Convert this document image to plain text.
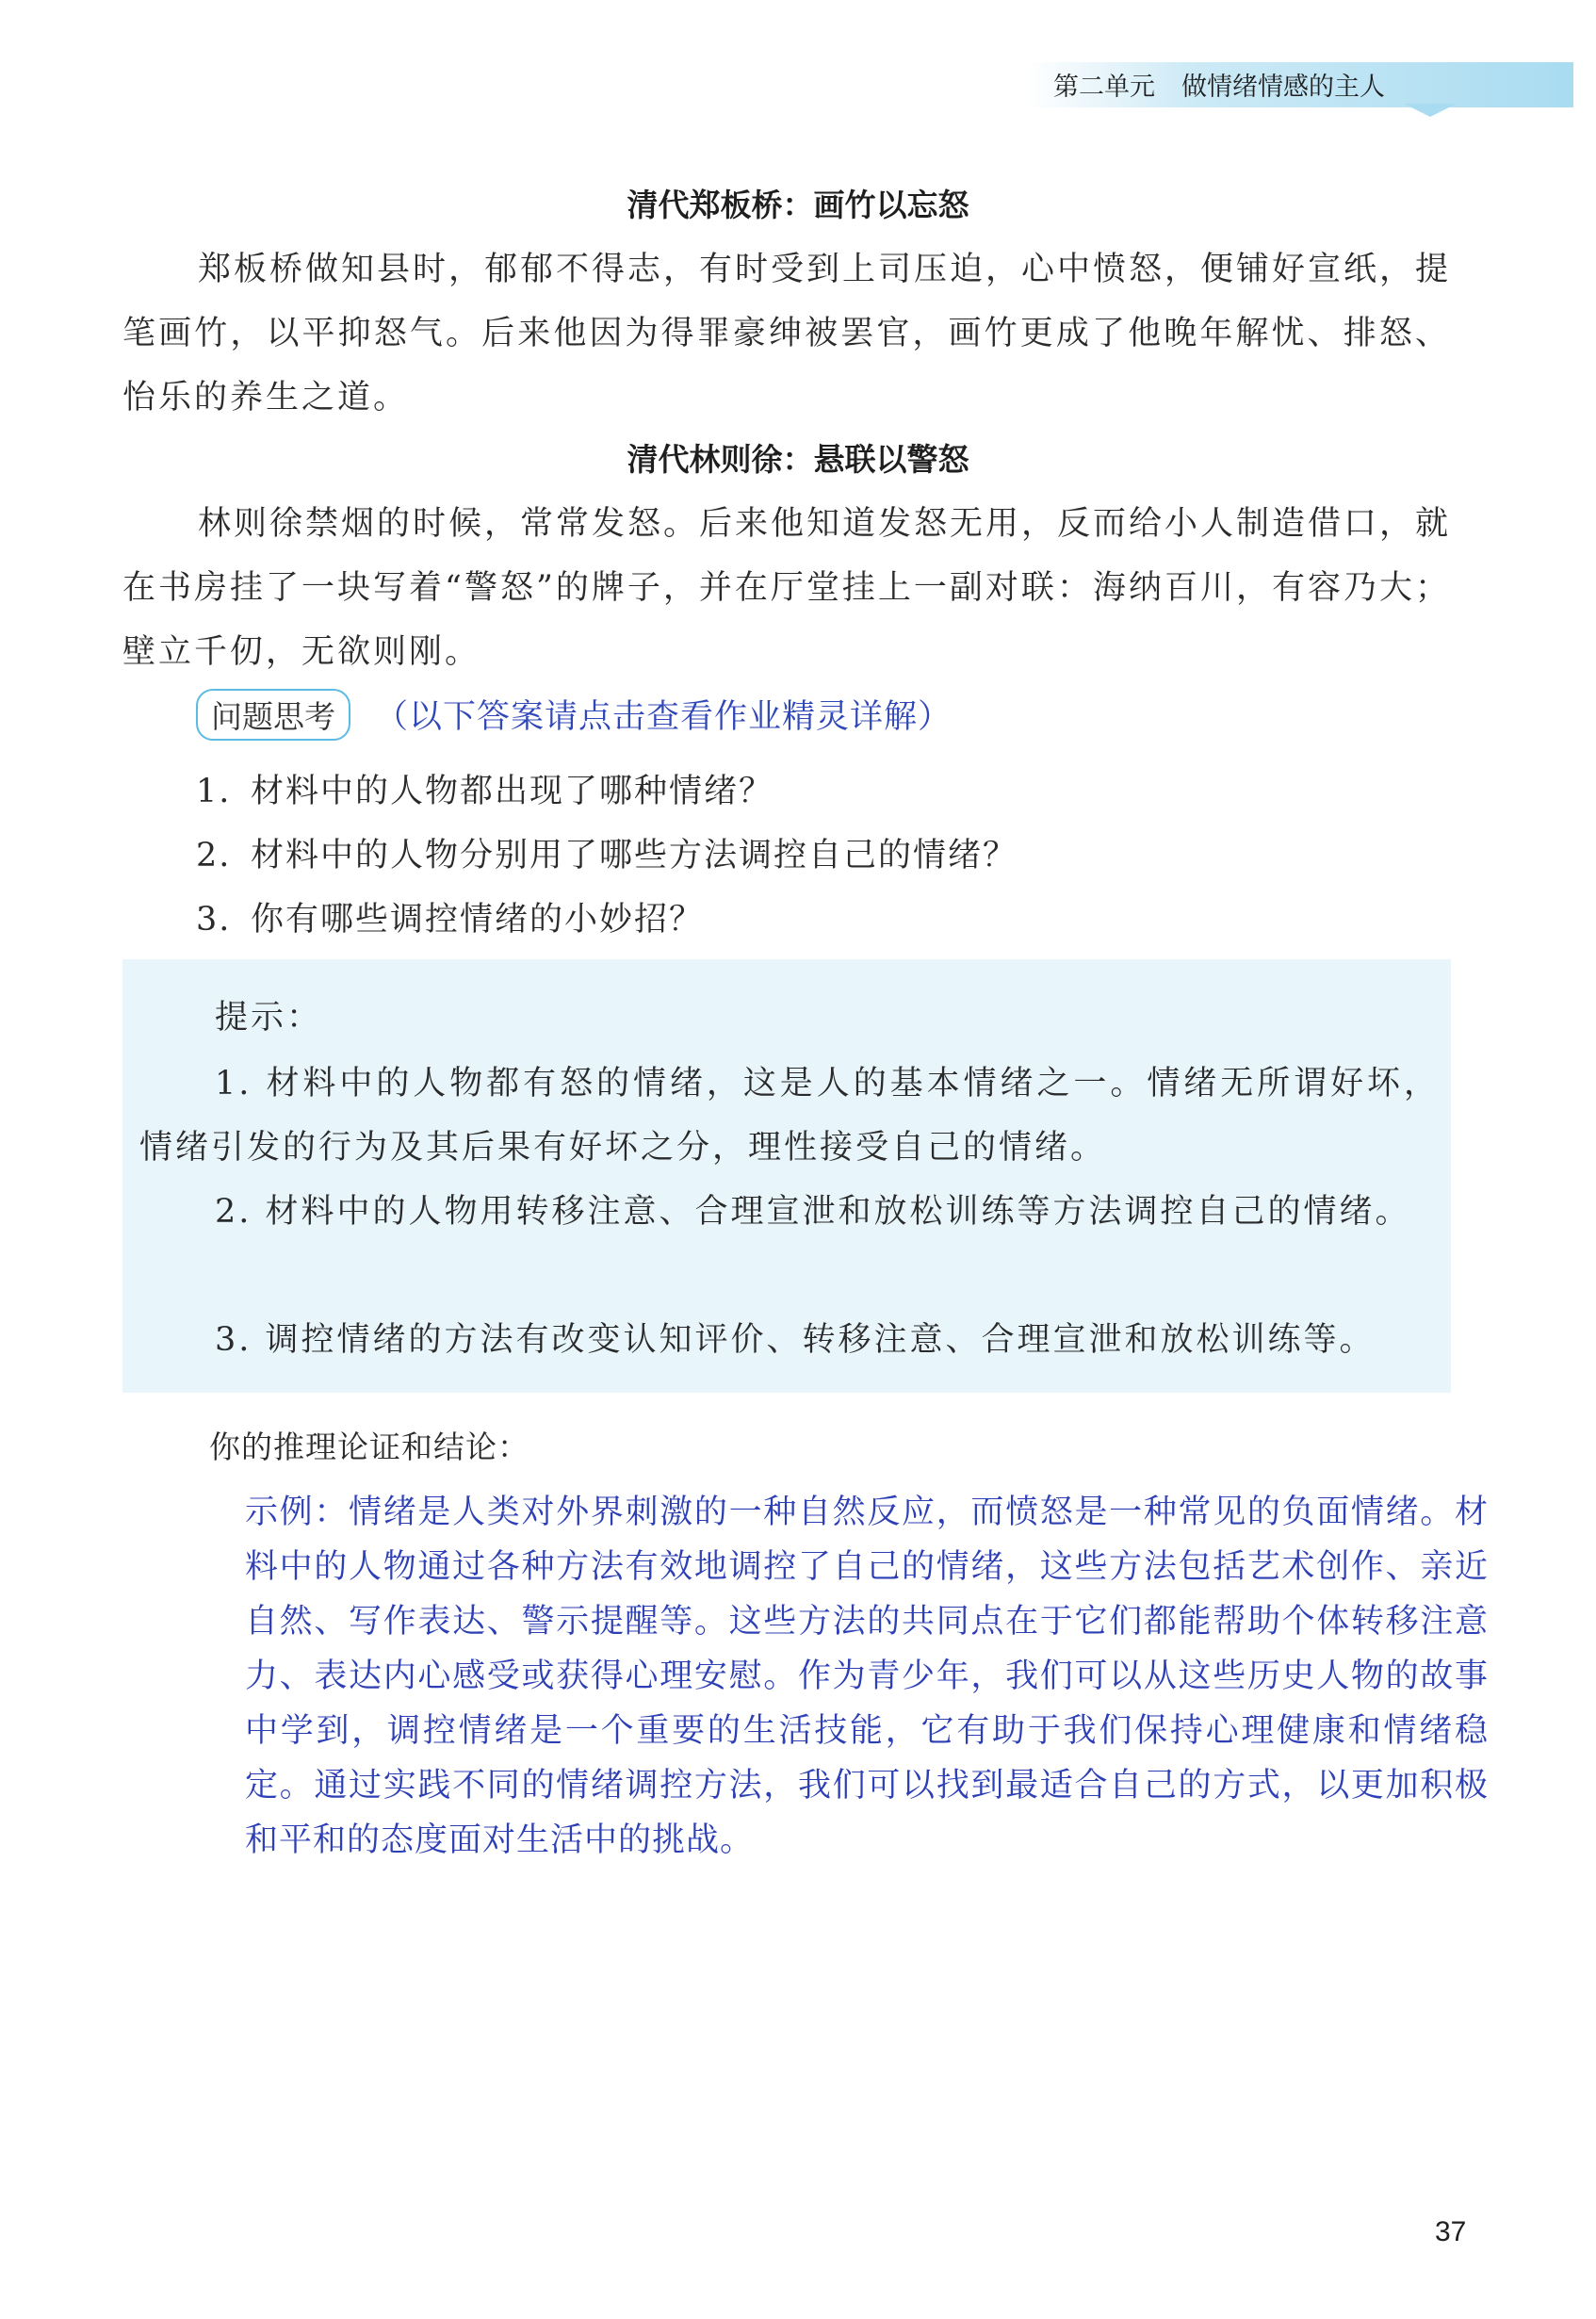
第二单元 做情绪情感的主人
清代郑板桥：画竹以忘怒
郑板桥做知县时，郁郁不得志，有时受到上司压迫，心中愤怒，便铺好宣纸，提笔画竹，以平抑怒气。后来他因为得罪豪绅被罢官，画竹更成了他晚年解忧、排怒、怡乐的养生之道。
清代林则徐：悬联以警怒
林则徐禁烟的时候，常常发怒。后来他知道发怒无用，反而给小人制造借口，就在书房挂了一块写着“警怒”的牌子，并在厅堂挂上一副对联：海纳百川，有容乃大；壁立千仞，无欲则刚。
问题思考	（以下答案请点击查看作业精灵详解）
1. 材料中的人物都出现了哪种情绪？
2. 材料中的人物分别用了哪些方法调控自己的情绪？
3. 你有哪些调控情绪的小妙招？
提示：
1. 材料中的人物都有怒的情绪，这是人的基本情绪之一。情绪无所谓好坏，情绪引发的行为及其后果有好坏之分，理性接受自己的情绪。
2. 材料中的人物用转移注意、合理宣泄和放松训练等方法调控自己的情绪。
3. 调控情绪的方法有改变认知评价、转移注意、合理宣泄和放松训练等。
你的推理论证和结论：
示例：情绪是人类对外界刺激的一种自然反应，而愤怒是一种常见的负面情绪。材料中的人物通过各种方法有效地调控了自己的情绪，这些方法包括艺术创作、亲近自然、写作表达、警示提醒等。这些方法的共同点在于它们都能帮助个体转移注意力、表达内心感受或获得心理安慰。作为青少年，我们可以从这些历史人物的故事中学到，调控情绪是一个重要的生活技能，它有助于我们保持心理健康和情绪稳定。通过实践不同的情绪调控方法，我们可以找到最适合自己的方式，以更加积极和平和的态度面对生活中的挑战。
37
